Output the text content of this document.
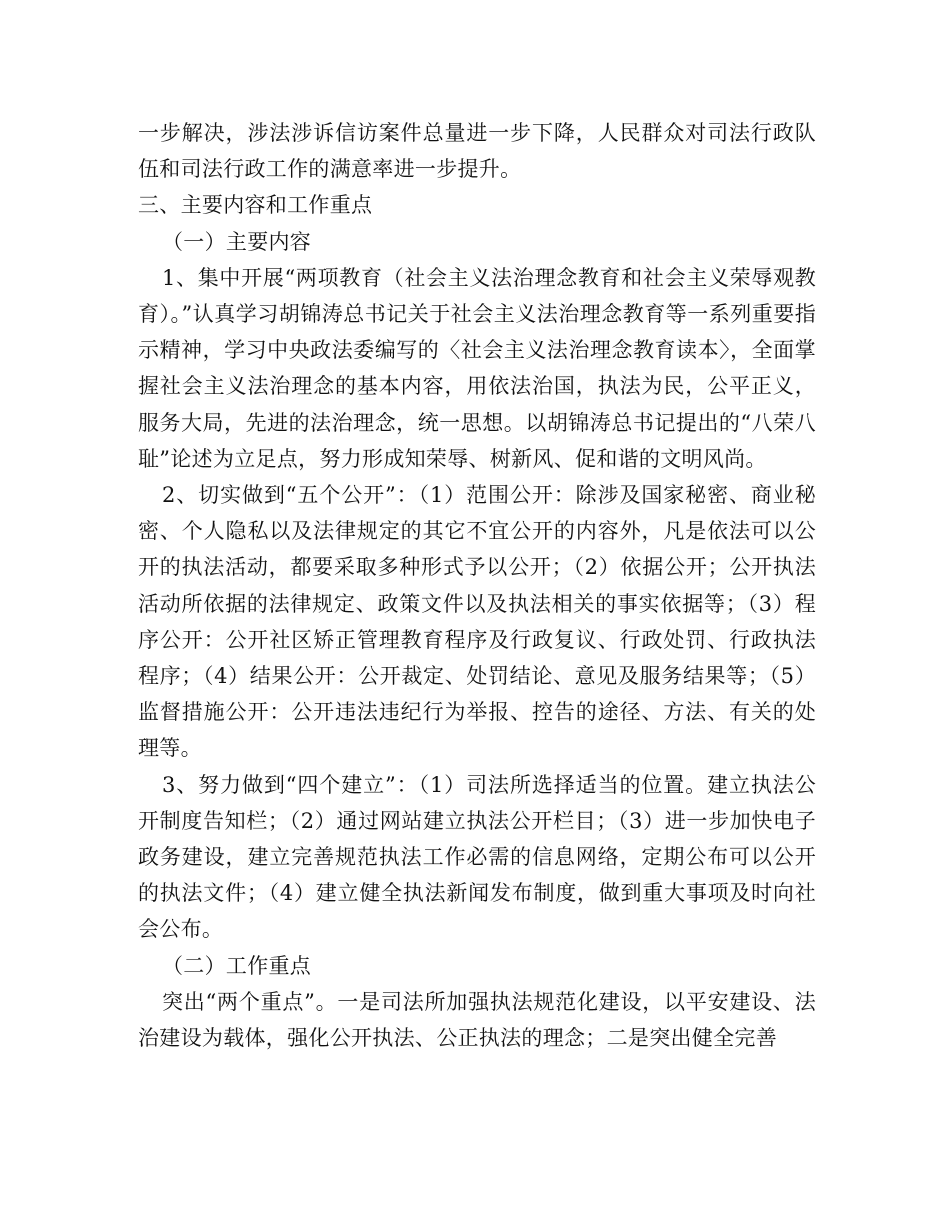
一步解决，涉法涉诉信访案件总量进一步下降，人民群众对司法行政队伍和司法行政工作的满意率进一步提升。

三、主要内容和工作重点

（一）主要内容

1、集中开展“两项教育（社会主义法治理念教育和社会主义荣辱观教育）。”认真学习胡锦涛总书记关于社会主义法治理念教育等一系列重要指示精神，学习中央政法委编写的〈社会主义法治理念教育读本〉，全面掌握社会主义法治理念的基本内容，用依法治国，执法为民，公平正义，服务大局，先进的法治理念，统一思想。以胡锦涛总书记提出的“八荣八耻”论述为立足点，努力形成知荣辱、树新风、促和谐的文明风尚。

2、切实做到“五个公开”：（1）范围公开：除涉及国家秘密、商业秘密、个人隐私以及法律规定的其它不宜公开的内容外，凡是依法可以公开的执法活动，都要采取多种形式予以公开；（2）依据公开；公开执法活动所依据的法律规定、政策文件以及执法相关的事实依据等；（3）程序公开：公开社区矫正管理教育程序及行政复议、行政处罚、行政执法程序；（4）结果公开：公开裁定、处罚结论、意见及服务结果等；（5）监督措施公开：公开违法违纪行为举报、控告的途径、方法、有关的处理等。

3、努力做到“四个建立”：（1）司法所选择适当的位置。建立执法公开制度告知栏；（2）通过网站建立执法公开栏目；（3）进一步加快电子政务建设，建立完善规范执法工作必需的信息网络，定期公布可以公开的执法文件；（4）建立健全执法新闻发布制度，做到重大事项及时向社会公布。

（二）工作重点

突出“两个重点”。一是司法所加强执法规范化建设，以平安建设、法治建设为载体，强化公开执法、公正执法的理念；二是突出健全完善
